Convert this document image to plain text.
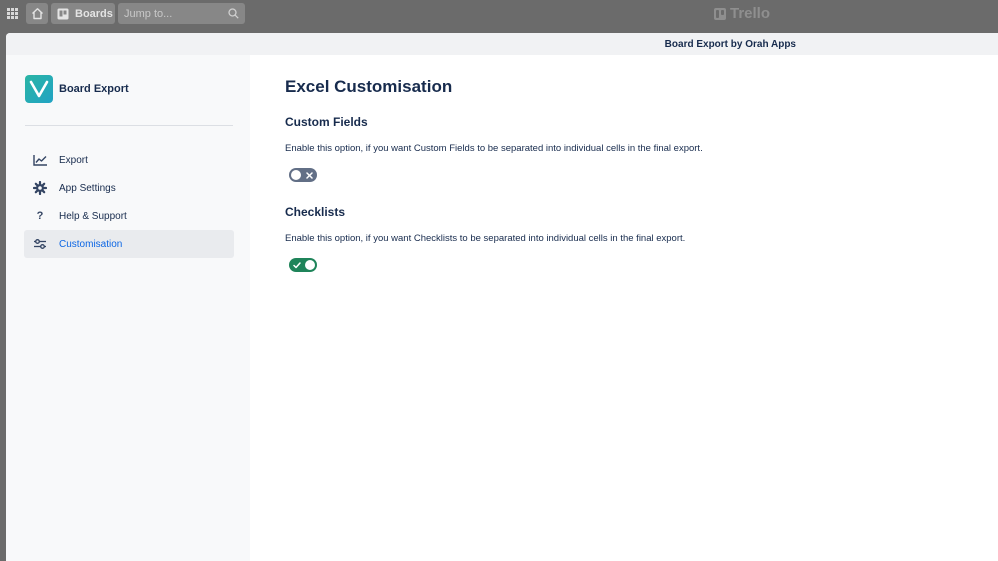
Boards Jump to...	Trello
Board Export by Orah Apps
Board Export
Export
App Settings
?	Help & Support
Customisation
Excel Customisation
Custom Fields

Enable this option, if you want Custom Fields to be separated into individual cells in the final export.

Checklists

Enable this option, if you want Checklists to be separated into individual cells in the final export.
